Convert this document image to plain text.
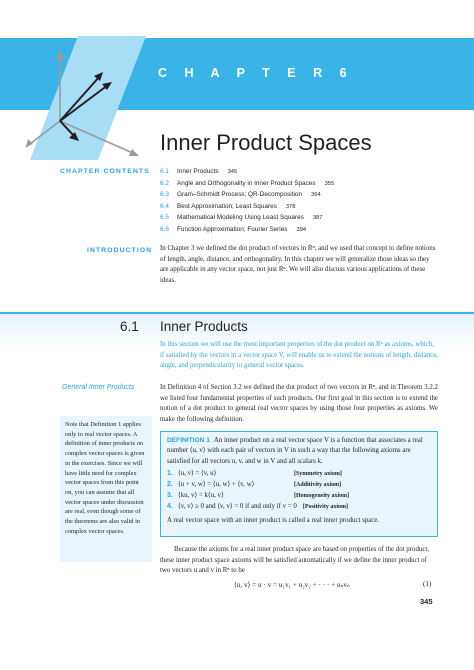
C H A P T E R 6
Inner Product Spaces
CHAPTER CONTENTS 6.1 Inner Products 345
6.2 Angle and Orthogonality in Inner Product Spaces 355
6.3 Gram–Schmidt Process; QR-Decomposition 364
6.4 Best Approximation; Least Squares 378
6.5 Mathematical Modeling Using Least Squares 387
6.6 Function Approximation; Fourier Series 394
INTRODUCTION In Chapter 3 we defined the dot product of vectors in Rⁿ, and we used that concept to define notions of length, angle, distance, and orthogonality. In this chapter we will generalize those ideas so they are applicable in any vector space, not just Rⁿ. We will also discuss various applications of these ideas.

6.1 Inner Products

In this section we will use the most important properties of the dot product on Rⁿ as axioms, which, if satisfied by the vectors in a vector space V, will enable us to extend the notions of length, distance, angle, and perpendicularity to general vector spaces.

General Inner Products	In Definition 4 of Section 3.2 we defined the dot product of two vectors in Rⁿ, and in Theorem 3.2.2 we listed four fundamental properties of such products. Our first goal in this section is to extend the notion of a dot product to general real vector spaces by using those four properties as axioms. We make the following definition.

Note that Definition 1 applies only to real vector spaces. A definition of inner products on complex vector spaces is given in the exercises. Since we will have little need for complex vector spaces from this point on, you can assume that all vector spaces under discussion are real, even though some of the theorems are also valid in complex vector spaces.
DEFINITION 1 An inner product on a real vector space V is a function that associates a real number ⟨u, v⟩ with each pair of vectors in V in such a way that the following axioms are satisfied for all vectors u, v, and w in V and all scalars k.
1. ⟨u, v⟩ = ⟨v, u⟩	[Symmetry axiom]
2. ⟨u + v, w⟩ = ⟨u, w⟩ + ⟨v, w⟩	[Additivity axiom]
3. ⟨ku, v⟩ = k⟨u, v⟩	[Homogeneity axiom]
4. ⟨v, v⟩ ≥ 0 and ⟨v, v⟩ = 0 if and only if v = 0 [Positivity axiom]
A real vector space with an inner product is called a real inner product space.

Because the axioms for a real inner product space are based on properties of the dot product, these inner product space axioms will be satisfied automatically if we define the inner product of two vectors u and v in Rⁿ to be

⟨u, v⟩ = u · v = u₁v₁ + u₂v₂ + · · · + uₙvₙ	(1)
345
